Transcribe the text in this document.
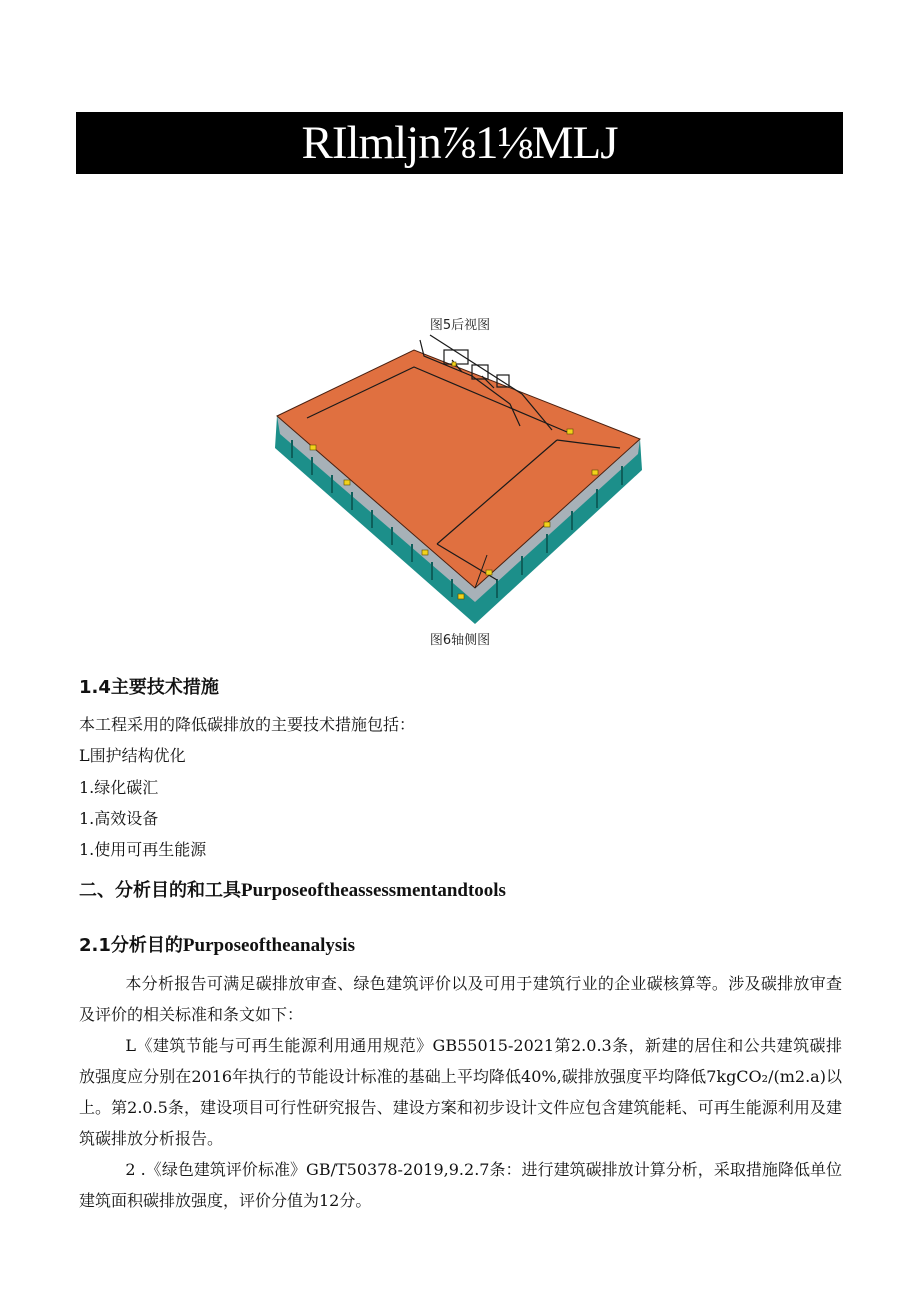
RIlmljn⅞1⅛MLJ
图5后视图
图6轴侧图
1.4主要技术措施
本工程采用的降低碳排放的主要技术措施包括：
L围护结构优化
1.绿化碳汇
1.高效设备
1.使用可再生能源
二、分析目的和工具Purposeoftheassessmentandtools
2.1分析目的Purposeoftheanalysis

本分析报告可满足碳排放审查、绿色建筑评价以及可用于建筑行业的企业碳核算等。涉及碳排放审查及评价的相关标准和条文如下：

L《建筑节能与可再生能源利用通用规范》GB55015-2021第2.0.3条，新建的居住和公共建筑碳排放强度应分别在2016年执行的节能设计标准的基础上平均降低40%,碳排放强度平均降低7kgCO₂/(m2.a)以上。第2.0.5条，建设项目可行性研究报告、建设方案和初步设计文件应包含建筑能耗、可再生能源利用及建筑碳排放分析报告。

2 .《绿色建筑评价标准》GB/T50378-2019,9.2.7条：进行建筑碳排放计算分析，采取措施降低单位建筑面积碳排放强度，评价分值为12分。
